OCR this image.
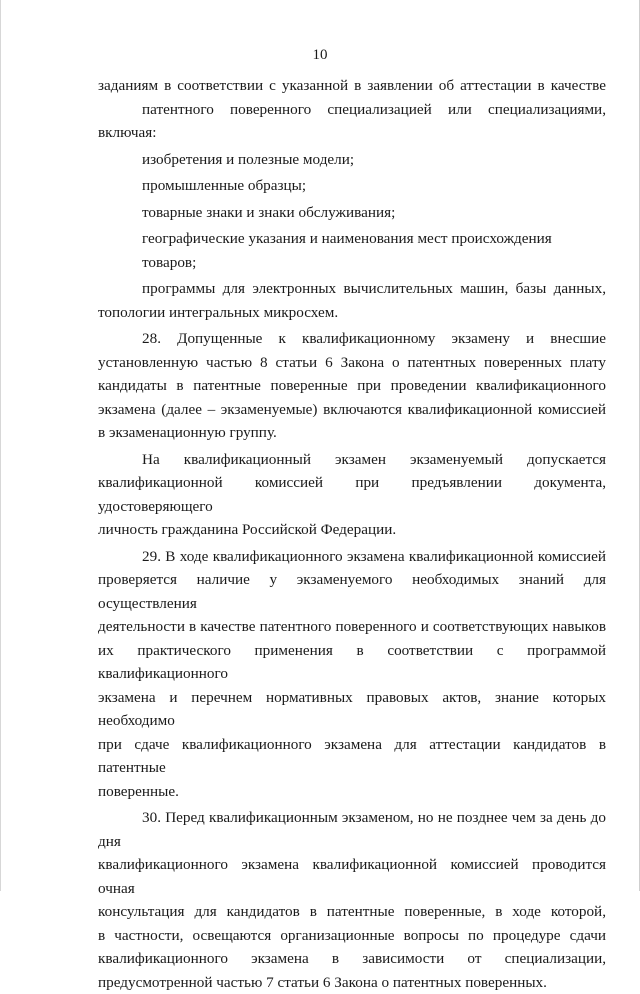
10

заданиям в соответствии с указанной в заявлении об аттестации в качестве

патентного поверенного специализацией или специализациями, включая:

изобретения и полезные модели;

промышленные образцы;

товарные знаки и знаки обслуживания;

географические указания и наименования мест происхождения товаров;

программы для электронных вычислительных машин, базы данных,

топологии интегральных микросхем.

28. Допущенные к квалификационному экзамену и внесшие

установленную частью 8 статьи 6 Закона о патентных поверенных плату

кандидаты в патентные поверенные при проведении квалификационного

экзамена (далее – экзаменуемые) включаются квалификационной комиссией

в экзаменационную группу.

На квалификационный экзамен экзаменуемый допускается

квалификационной комиссией при предъявлении документа, удостоверяющего

личность гражданина Российской Федерации.

29. В ходе квалификационного экзамена квалификационной комиссией

проверяется наличие у экзаменуемого необходимых знаний для осуществления

деятельности в качестве патентного поверенного и соответствующих навыков

их практического применения в соответствии с программой квалификационного

экзамена и перечнем нормативных правовых актов, знание которых необходимо

при сдаче квалификационного экзамена для аттестации кандидатов в патентные

поверенные.

30. Перед квалификационным экзаменом, но не позднее чем за день до дня

квалификационного экзамена квалификационной комиссией проводится очная

консультация для кандидатов в патентные поверенные, в ходе которой,

в частности, освещаются организационные вопросы по процедуре сдачи

квалификационного экзамена в зависимости от специализации,

предусмотренной частью 7 статьи 6 Закона о патентных поверенных.
